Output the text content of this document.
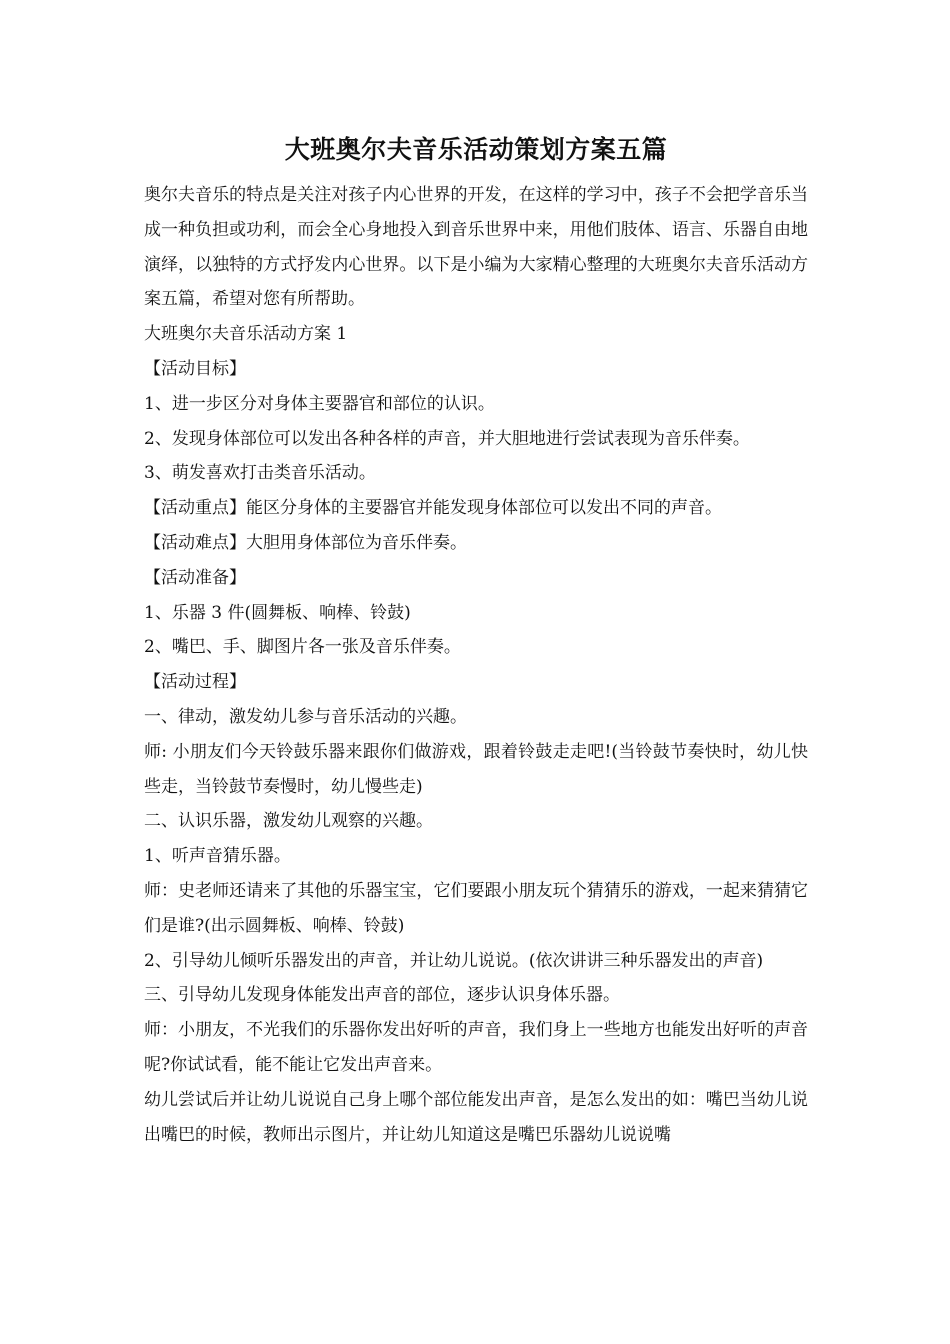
大班奥尔夫音乐活动策划方案五篇

奥尔夫音乐的特点是关注对孩子内心世界的开发，在这样的学习中，孩子不会把学音乐当成一种负担或功利，而会全心身地投入到音乐世界中来，用他们肢体、语言、乐器自由地演绎，以独特的方式抒发内心世界。以下是小编为大家精心整理的大班奥尔夫音乐活动方案五篇，希望对您有所帮助。

大班奥尔夫音乐活动方案 1

【活动目标】

1、进一步区分对身体主要器官和部位的认识。

2、发现身体部位可以发出各种各样的声音，并大胆地进行尝试表现为音乐伴奏。

3、萌发喜欢打击类音乐活动。

【活动重点】能区分身体的主要器官并能发现身体部位可以发出不同的声音。

【活动难点】大胆用身体部位为音乐伴奏。

【活动准备】

1、乐器 3 件(圆舞板、响棒、铃鼓)

2、嘴巴、手、脚图片各一张及音乐伴奏。

【活动过程】

一、律动，激发幼儿参与音乐活动的兴趣。

师: 小朋友们今天铃鼓乐器来跟你们做游戏，跟着铃鼓走走吧!(当铃鼓节奏快时，幼儿快些走，当铃鼓节奏慢时，幼儿慢些走)

二、认识乐器，激发幼儿观察的兴趣。

1、听声音猜乐器。

师：史老师还请来了其他的乐器宝宝，它们要跟小朋友玩个猜猜乐的游戏，一起来猜猜它们是谁?(出示圆舞板、响棒、铃鼓)

2、引导幼儿倾听乐器发出的声音，并让幼儿说说。(依次讲讲三种乐器发出的声音)

三、引导幼儿发现身体能发出声音的部位，逐步认识身体乐器。

师：小朋友，不光我们的乐器你发出好听的声音，我们身上一些地方也能发出好听的声音呢?你试试看，能不能让它发出声音来。

幼儿尝试后并让幼儿说说自己身上哪个部位能发出声音，是怎么发出的如：嘴巴当幼儿说出嘴巴的时候，教师出示图片，并让幼儿知道这是嘴巴乐器幼儿说说嘴
